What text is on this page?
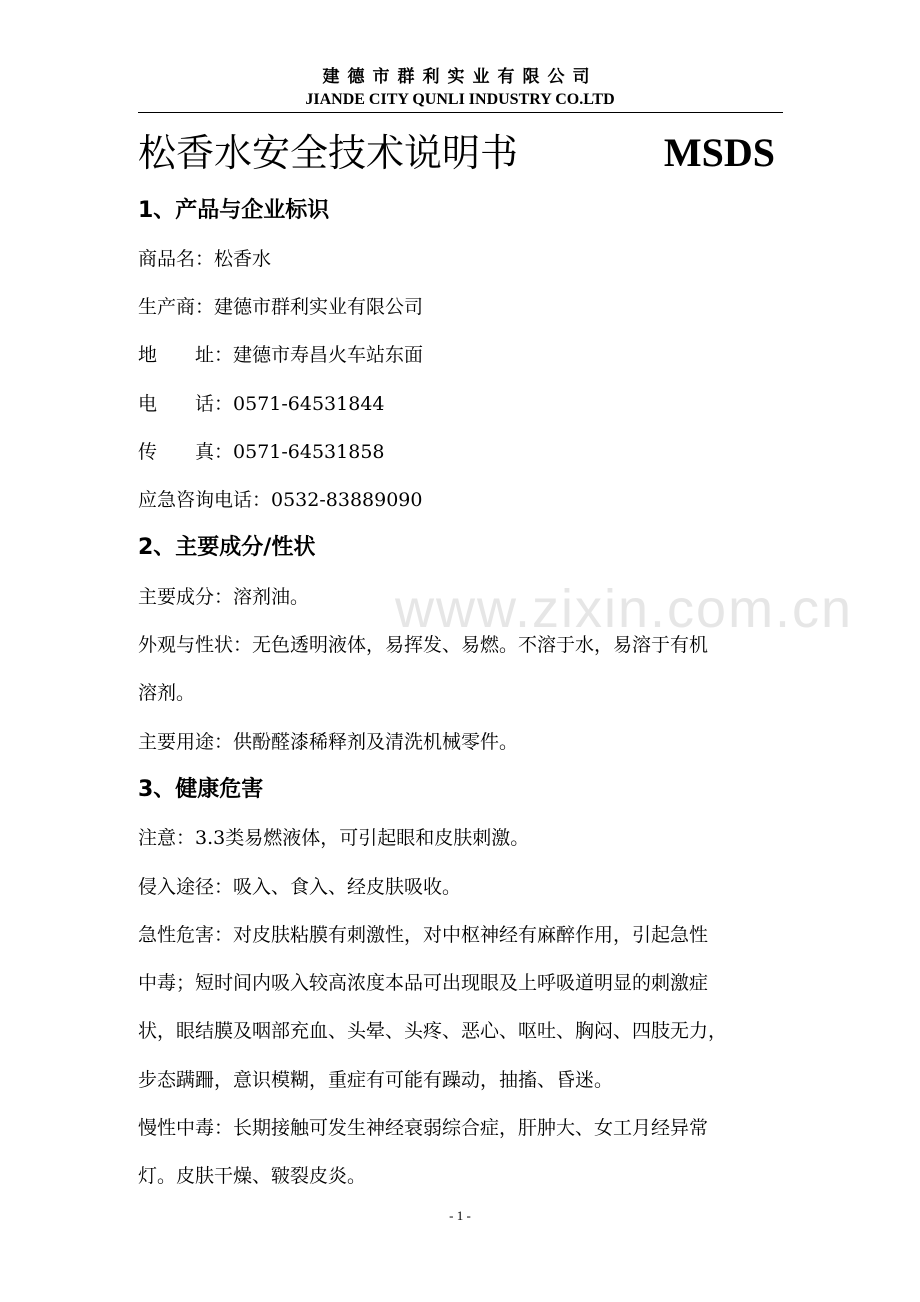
www.zixin.com.cn
建德市群利实业有限公司
JIANDE CITY QUNLI INDUSTRY CO.LTD
松香水安全技术说明书	MSDS
1、产品与企业标识
商品名：松香水
生产商：建德市群利实业有限公司
地 址：建德市寿昌火车站东面
电 话：0571-64531844
传 真：0571-64531858
应急咨询电话：0532-83889090
2、主要成分/性状
主要成分：溶剂油。
外观与性状：无色透明液体，易挥发、易燃。不溶于水，易溶于有机
溶剂。
主要用途：供酚醛漆稀释剂及清洗机械零件。
3、健康危害
注意：3.3类易燃液体，可引起眼和皮肤刺激。
侵入途径：吸入、食入、经皮肤吸收。
急性危害：对皮肤粘膜有刺激性，对中枢神经有麻醉作用，引起急性
中毒；短时间内吸入较高浓度本品可出现眼及上呼吸道明显的刺激症
状，眼结膜及咽部充血、头晕、头疼、恶心、呕吐、胸闷、四肢无力，
步态蹒跚，意识模糊，重症有可能有躁动，抽搐、昏迷。
慢性中毒：长期接触可发生神经衰弱综合症，肝肿大、女工月经异常
灯。皮肤干燥、皲裂皮炎。
- 1 -
